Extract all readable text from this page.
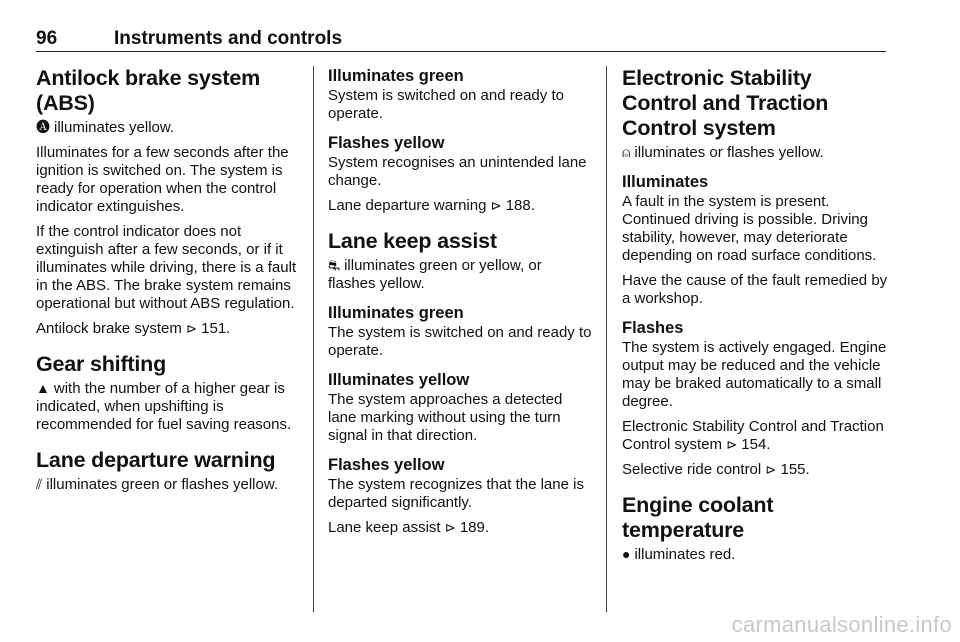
96	Instruments and controls
Antilock brake system (ABS)

🅐 illuminates yellow.

Illuminates for a few seconds after the ignition is switched on. The system is ready for operation when the control indicator extinguishes.

If the control indicator does not extinguish after a few seconds, or if it illuminates while driving, there is a fault in the ABS. The brake system remains operational but without ABS regulation.

Antilock brake system ⊳ 151.

Gear shifting

▲ with the number of a higher gear is indicated, when upshifting is recommended for fuel saving reasons.

Lane departure warning

⫽ illuminates green or flashes yellow.

Illuminates green

System is switched on and ready to operate.

Flashes yellow

System recognises an unintended lane change.

Lane departure warning ⊳ 188.

Lane keep assist

⛐ illuminates green or yellow, or flashes yellow.

Illuminates green

The system is switched on and ready to operate.

Illuminates yellow

The system approaches a detected lane marking without using the turn signal in that direction.

Flashes yellow

The system recognizes that the lane is departed significantly.

Lane keep assist ⊳ 189.

Electronic Stability Control and Traction Control system

⍝ illuminates or flashes yellow.

Illuminates

A fault in the system is present. Continued driving is possible. Driving stability, however, may deteriorate depending on road surface conditions.

Have the cause of the fault remedied by a workshop.

Flashes

The system is actively engaged. Engine output may be reduced and the vehicle may be braked automatically to a small degree.

Electronic Stability Control and Traction Control system ⊳ 154.

Selective ride control ⊳ 155.

Engine coolant temperature

● illuminates red.

carmanualsonline.info
